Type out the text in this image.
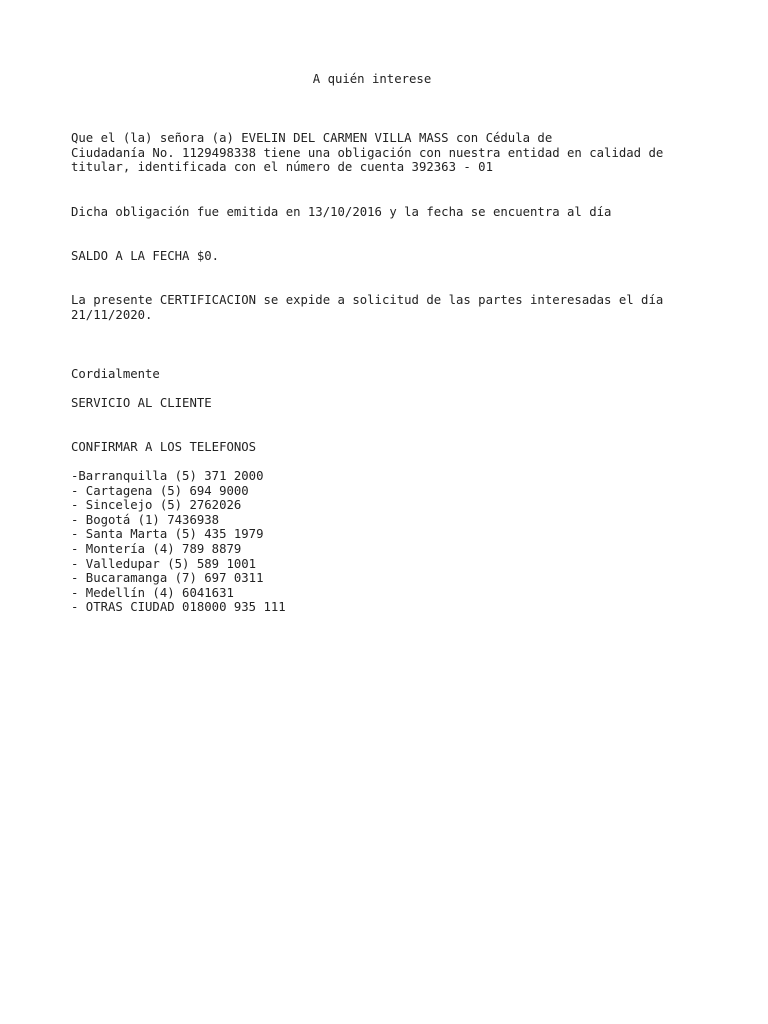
A quién interese
Que el (la) señora (a) EVELIN DEL CARMEN VILLA MASS con Cédula de
Ciudadanía No. 1129498338 tiene una obligación con nuestra entidad en calidad de
titular, identificada con el número de cuenta 392363 - 01
Dicha obligación fue emitida en 13/10/2016 y la fecha se encuentra al día
SALDO A LA FECHA $0.
La presente CERTIFICACION se expide a solicitud de las partes interesadas el día
21/11/2020.
Cordialmente
SERVICIO AL CLIENTE
CONFIRMAR A LOS TELEFONOS
-Barranquilla (5) 371 2000
- Cartagena (5) 694 9000
- Sincelejo (5) 2762026
- Bogotá (1) 7436938
- Santa Marta (5) 435 1979
- Montería (4) 789 8879
- Valledupar (5) 589 1001
- Bucaramanga (7) 697 0311
- Medellín (4) 6041631
- OTRAS CIUDAD 018000 935 111
